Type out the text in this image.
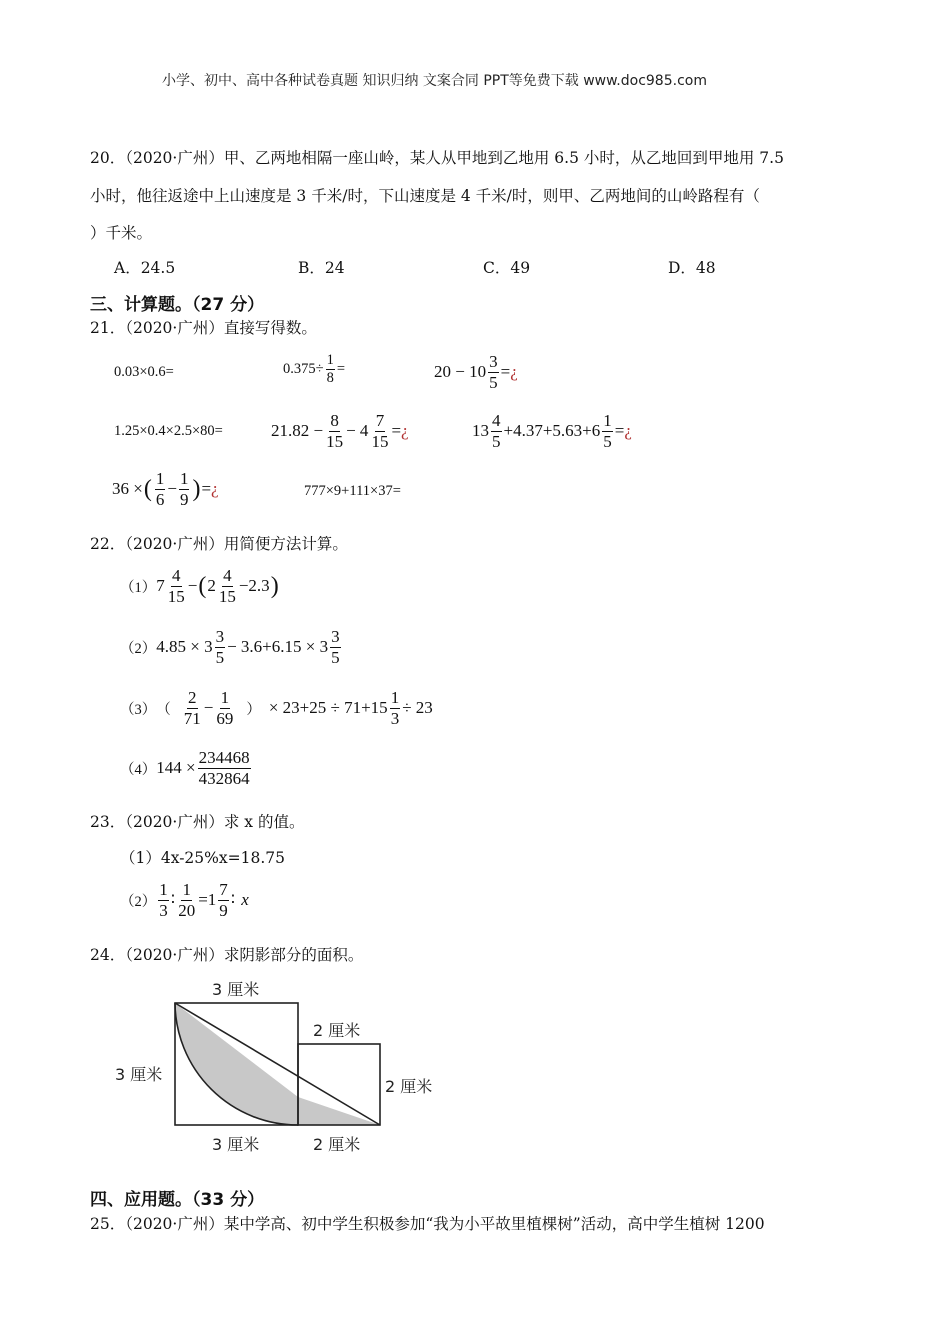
小学、初中、高中各种试卷真题 知识归纳 文案合同 PPT等免费下载 www.doc985.com
20．（2020·广州）甲、乙两地相隔一座山岭，某人从甲地到乙地用 6.5 小时，从乙地回到甲地用 7.5
小时，他往返途中上山速度是 3 千米/时，下山速度是 4 千米/时，则甲、乙两地间的山岭路程有（
）千米。
A．24.5	B．24	C．49	D．48
三、计算题。（27 分）
21．（2020·广州）直接写得数。
0.03×0.6=	$0.375\div \frac{1}{8}$ =	$20 - 10 \frac{3}{5}$ = ¿
1.25×0.4×2.5×80=	$21.82 - \frac{8}{15} - 4 \frac{7}{15}$ = ¿	$13 \frac{4}{5} +4.37+5.63+6 \frac{1}{5}$ = ¿
36 × ( $\frac{1}{6} - \frac{1}{9}$ ) = ¿	777×9+111×37=
22．（2020·广州）用简便方法计算。
（1） $7 \frac{4}{15}$ − ( $2 \frac{4}{15} -2.3$ )
（2） $4.85 \times 3 \frac{3}{5} - 3.6+6.15 \times 3 \frac{3}{5}$
（3） （ $\frac{2}{71} - \frac{1}{69}$ ） × $23+25 \div 71+15 \frac{1}{3} \div 23$
（4） $144 \times \frac{234468}{432864}$
23．（2020·广州）求 x 的值。
（1）4x-25%x=18.75
$(2) \frac{1}{3}$ ∶ $\frac{1}{20} =1 \frac{7}{9}$ ∶ x
24．（2020·广州）求阴影部分的面积。
3 厘米
2 厘米
3 厘米
2 厘米
3 厘米	2 厘米
四、应用题。（33 分）
25．（2020·广州）某中学高、初中学生积极参加“我为小平故里植棵树”活动，高中学生植树 1200
